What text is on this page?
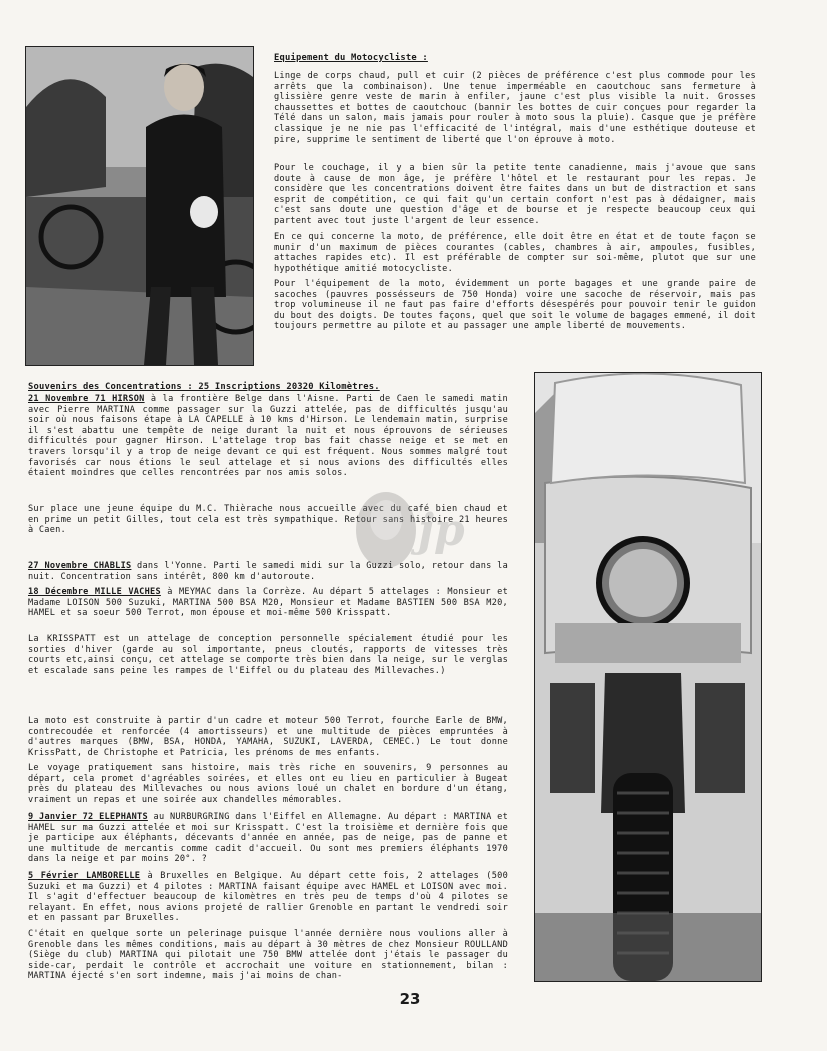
Equipement du Motocycliste :

Linge de corps chaud, pull et cuir (2 pièces de préférence c'est plus commode pour les arrêts que la combinaison). Une tenue imperméable en caoutchouc sans fermeture à glissière genre veste de marin à enfiler, jaune c'est plus visible la nuit. Grosses chaussettes et bottes de caoutchouc (bannir les bottes de cuir conçues pour regarder la Télé dans un salon, mais jamais pour rouler à moto sous la pluie). Casque que je préfère classique je ne nie pas l'efficacité de l'intégral, mais d'une esthétique douteuse et pire, supprime le sentiment de liberté que l'on éprouve à moto.

Pour le couchage, il y a bien sûr la petite tente canadienne, mais j'avoue que sans doute à cause de mon âge, je préfère l'hôtel et le restaurant pour les repas. Je considère que les concentrations doivent être faites dans un but de distraction et sans esprit de compétition, ce qui fait qu'un certain confort n'est pas à dédaigner, mais c'est sans doute une question d'âge et de bourse et je respecte beaucoup ceux qui partent avec tout juste l'argent de leur essence.

En ce qui concerne la moto, de préférence, elle doit être en état et de toute façon se munir d'un maximum de pièces courantes (cables, chambres à air, ampoules, fusibles, attaches rapides etc). Il est préférable de compter sur soi-même, plutot que sur une hypothétique amitié motocycliste.

Pour l'équipement de la moto, évidemment un porte bagages et une grande paire de sacoches (pauvres possésseurs de 750 Honda) voire une sacoche de réservoir, mais pas trop volumineuse il ne faut pas faire d'efforts désespérés pour pouvoir tenir le guidon du bout des doigts. De toutes façons, quel que soit le volume de bagages emmené, il doit toujours permettre au pilote et au passager une ample liberté de mouvements.

Souvenirs des Concentrations : 25 Inscriptions 20320 Kilomètres.

21 Novembre 71 HIRSON à la frontière Belge dans l'Aisne. Parti de Caen le samedi matin avec Pierre MARTINA comme passager sur la Guzzi attelée, pas de difficultés jusqu'au soir où nous faisons étape à LA CAPELLE à 10 kms d'Hirson. Le lendemain matin, surprise il s'est abattu une tempête de neige durant la nuit et nous éprouvons de sérieuses difficultés pour gagner Hirson. L'attelage trop bas fait chasse neige et se met en travers lorsqu'il y a trop de neige devant ce qui est fréquent. Nous sommes malgré tout favorisés car nous étions le seul attelage et si nous avions des difficultés elles étaient moindres que celles rencontrées par nos amis solos.

Sur place une jeune équipe du M.C. Thièrache nous accueille avec du café bien chaud et en prime un petit Gilles, tout cela est très sympathique. Retour sans histoire 21 heures à Caen.	jp

27 Novembre CHABLIS dans l'Yonne. Parti le samedi midi sur la Guzzi solo, retour dans la nuit. Concentration sans intérêt, 800 km d'autoroute.

18 Décembre MILLE VACHES à MEYMAC dans la Corrèze. Au départ 5 attelages : Monsieur et Madame LOISON 500 Suzuki, MARTINA 500 BSA M20, Monsieur et Madame BASTIEN 500 BSA M20, HAMEL et sa soeur 500 Terrot, mon épouse et moi-même 500 Krisspatt.

La KRISSPATT est un attelage de conception personnelle spécialement étudié pour les sorties d'hiver (garde au sol importante, pneus cloutés, rapports de vitesses très courts etc,ainsi conçu, cet attelage se comporte très bien dans la neige, sur le verglas et escalade sans peine les rampes de l'Eiffel ou du plateau des Millevaches.)

La moto est construite à partir d'un cadre et moteur 500 Terrot, fourche Earle de BMW, contrecoudée et renforcée (4 amortisseurs) et une multitude de pièces empruntées à d'autres marques (BMW, BSA, HONDA, YAMAHA, SUZUKI, LAVERDA, CEMEC.) Le tout donne KrissPatt, de Christophe et Patricia, les prénoms de mes enfants.

Le voyage pratiquement sans histoire, mais très riche en souvenirs, 9 personnes au départ, cela promet d'agréables soirées, et elles ont eu lieu en particulier à Bugeat près du plateau des Millevaches ou nous avions loué un chalet en bordure d'un étang, vraiment un repas et une soirée aux chandelles mémorables.

9 Janvier 72 ELEPHANTS au NURBURGRING dans l'Eiffel en Allemagne. Au départ : MARTINA et HAMEL sur ma Guzzi attelée et moi sur Krisspatt. C'est la troisième et dernière fois que je participe aux éléphants, décevants d'année en année, pas de neige, pas de panne et une multitude de mercantis comme cadit d'accueil. Ou sont mes premiers éléphants 1970 dans la neige et par moins 20°. ?

5 Février LAMBORELLE à Bruxelles en Belgique. Au départ cette fois, 2 attelages (500 Suzuki et ma Guzzi) et 4 pilotes : MARTINA faisant équipe avec HAMEL et LOISON avec moi. Il s'agit d'effectuer beaucoup de kilomètres en très peu de temps d'où 4 pilotes se relayant. En effet, nous avions projeté de rallier Grenoble en partant le vendredi soir et en passant par Bruxelles.

C'était en quelque sorte un pelerinage puisque l'année dernière nous voulions aller à Grenoble dans les mêmes conditions, mais au départ à 30 mètres de chez Monsieur ROULLAND (Siège du club) MARTINA qui pilotait une 750 BMW attelée dont j'étais le passager du side-car, perdait le contrôle et accrochait une voiture en stationnement, bilan : MARTINA éjecté s'en sort indemne, mais j'ai moins de chan-

23
